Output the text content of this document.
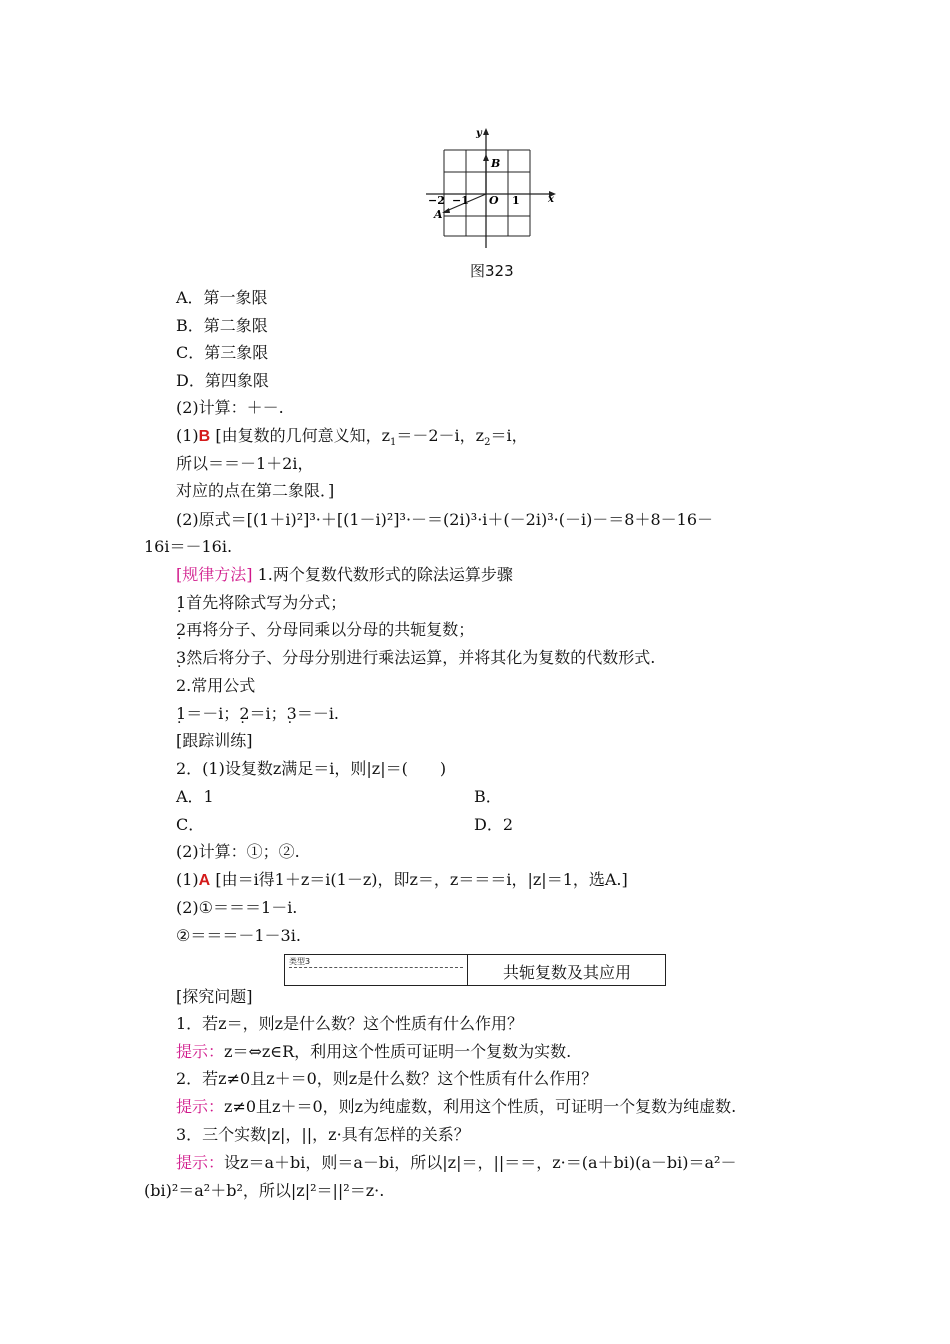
y
x
B
A
O
−2 −1	1
图323
A．第一象限
B．第二象限
C．第三象限
D．第四象限
(2)计算：＋－.
(1)B [由复数的几何意义知，$z_1=-2-i$，$z_2=i$，
所以＝＝－1＋2i，
对应的点在第二象限．]
(2)原式＝[(1＋i)²]³·＋[(1－i)²]³·－＝(2i)³·i＋(－2i)³·(－i)－＝8＋8－16－
16i＝－16i.
[规律方法] 1.两个复数代数形式的除法运算步骤
1 .首先将除式写为分式；
2 .再将分子、分母同乘以分母的共轭复数；
3 .然后将分子、分母分别进行乘法运算，并将其化为复数的代数形式.
2.常用公式
1 .＝－i；2 .＝i；3 .＝－i.
[跟踪训练]
2．(1)设复数z满足＝i，则|z|＝(　　)
A．1	B．
C．	D．2
(2)计算：①；②.
(1)A [由＝i得1＋z＝i(1－z)，即z＝，z＝＝＝i，|z|＝1，选A.]
(2)①＝＝＝1－i.
②＝＝＝－1－3i.
类型3
共轭复数及其应用
[探究问题]
1．若z＝，则z是什么数？这个性质有什么作用？
提示：z＝⇔z∈R，利用这个性质可证明一个复数为实数.
2．若z≠0且z＋＝0，则z是什么数？这个性质有什么作用？
提示：z≠0且z＋＝0，则z为纯虚数，利用这个性质，可证明一个复数为纯虚数.
3．三个实数|z|，||，z·具有怎样的关系？
提示：设z＝a＋bi，则＝a－bi，所以|z|＝，||＝＝，z·＝(a＋bi)(a－bi)＝a²－
(bi)²＝a²＋b²，所以|z|²＝||²＝z·.
